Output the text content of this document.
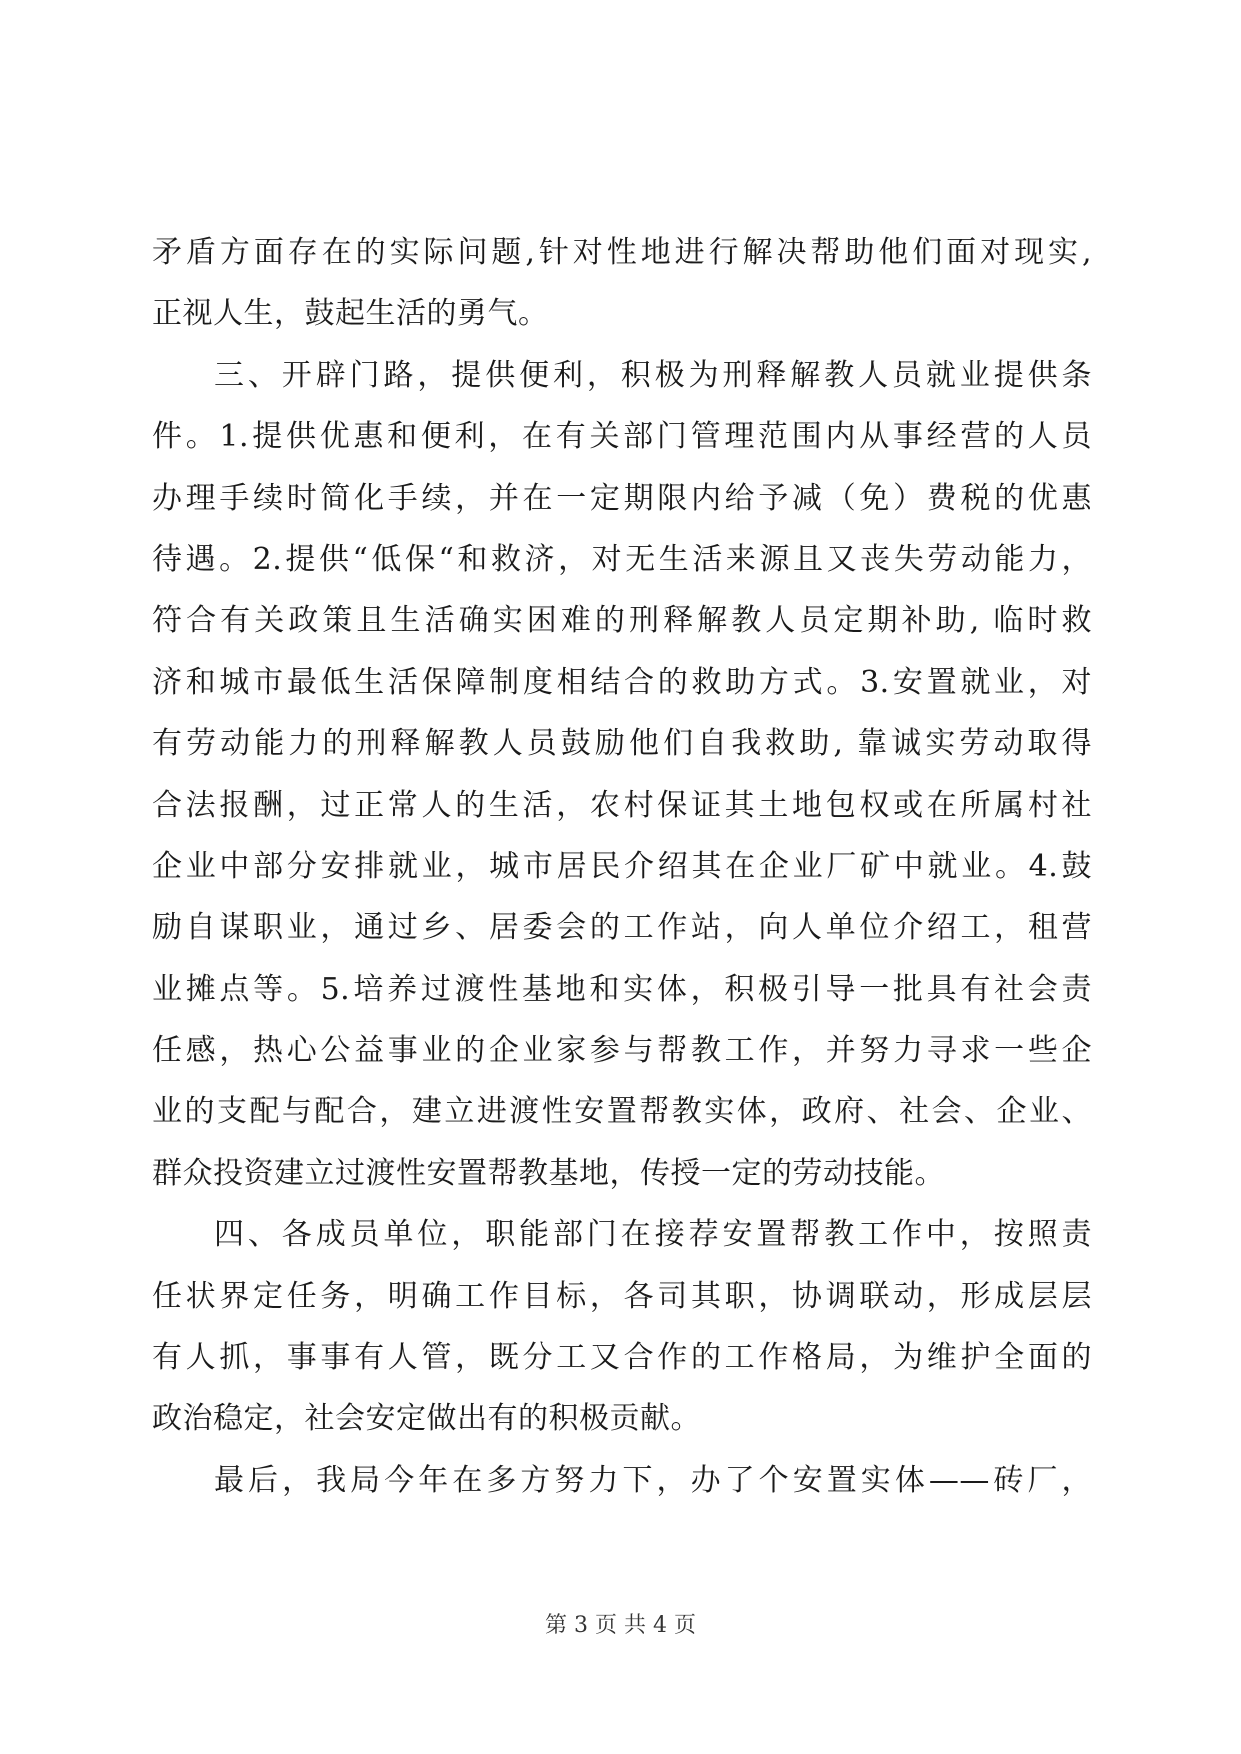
矛盾方面存在的实际问题,针对性地进行解决帮助他们面对现实,
正视人生，鼓起生活的勇气。
三、开辟门路，提供便利，积极为刑释解教人员就业提供条
件。1.提供优惠和便利，在有关部门管理范围内从事经营的人员
办理手续时简化手续，并在一定期限内给予减（免）费税的优惠
待遇。2.提供“低保“和救济，对无生活来源且又丧失劳动能力，
符合有关政策且生活确实困难的刑释解教人员定期补助, 临时救
济和城市最低生活保障制度相结合的救助方式。3.安置就业，对
有劳动能力的刑释解教人员鼓励他们自我救助, 靠诚实劳动取得
合法报酬，过正常人的生活，农村保证其土地包权或在所属村社
企业中部分安排就业，城市居民介绍其在企业厂矿中就业。4.鼓
励自谋职业，通过乡、居委会的工作站，向人单位介绍工，租营
业摊点等。5.培养过渡性基地和实体，积极引导一批具有社会责
任感，热心公益事业的企业家参与帮教工作，并努力寻求一些企
业的支配与配合，建立进渡性安置帮教实体，政府、社会、企业、
群众投资建立过渡性安置帮教基地，传授一定的劳动技能。
四、各成员单位，职能部门在接荐安置帮教工作中，按照责
任状界定任务，明确工作目标，各司其职，协调联动，形成层层
有人抓，事事有人管，既分工又合作的工作格局，为维护全面的
政治稳定，社会安定做出有的积极贡献。
最后，我局今年在多方努力下，办了个安置实体——砖厂，
第 3 页 共 4 页
